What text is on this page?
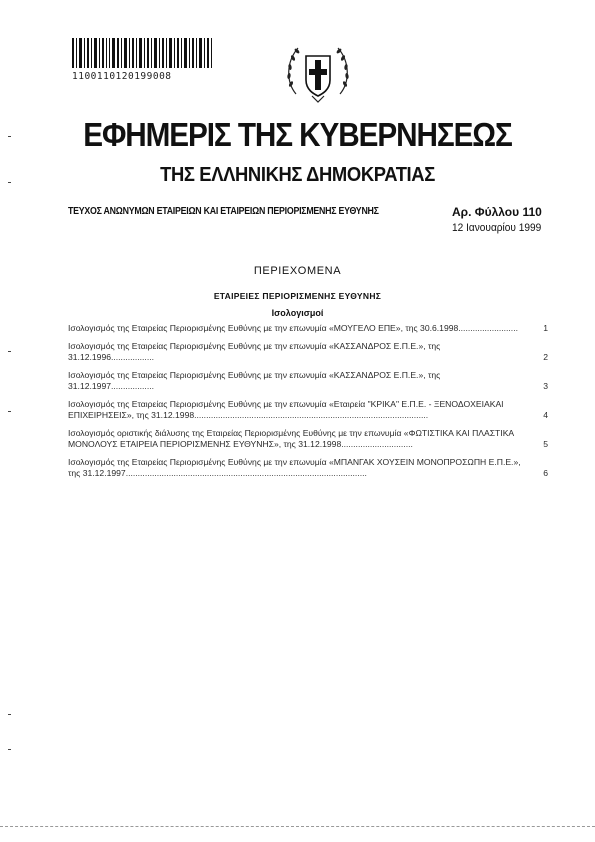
1100110120199008
ΕΦΗΜΕΡΙΣ ΤΗΣ ΚΥΒΕΡΝΗΣΕΩΣ
ΤΗΣ ΕΛΛΗΝΙΚΗΣ ΔΗΜΟΚΡΑΤΙΑΣ
ΤΕΥΧΟΣ ΑΝΩΝΥΜΩΝ ΕΤΑΙΡΕΙΩΝ ΚΑΙ ΕΤΑΙΡΕΙΩΝ ΠΕΡΙΟΡΙΣΜΕΝΗΣ ΕΥΘΥΝΗΣ	Αρ. Φύλλου 110
12 Ιανουαρίου 1999
ΠΕΡΙΕΧΟΜΕΝΑ
ΕΤΑΙΡΕΙΕΣ ΠΕΡΙΟΡΙΣΜΕΝΗΣ ΕΥΘΥΝΗΣ
Ισολογισμοί
Ισολογισμός της Εταιρείας Περιορισμένης Ευθύνης με την επωνυμία «ΜΟΥΓΕΛΟ ΕΠΕ», της 30.6.1998.........................	1
Ισολογισμός της Εταιρείας Περιορισμένης Ευθύνης με την επωνυμία «ΚΑΣΣΑΝΔΡΟΣ Ε.Π.Ε.», της 31.12.1996..................	2
Ισολογισμός της Εταιρείας Περιορισμένης Ευθύνης με την επωνυμία «ΚΑΣΣΑΝΔΡΟΣ Ε.Π.Ε.», της 31.12.1997..................	3
Ισολογισμός της Εταιρείας Περιορισμένης Ευθύνης με την επωνυμία «Εταιρεία "ΚΡΙΚΑ" Ε.Π.Ε. - ΞΕΝΟΔΟΧΕΙΑΚΑΙ ΕΠΙΧΕΙΡΗΣΕΙΣ», της 31.12.1998..................................................................................................	4
Ισολογισμός οριστικής διάλυσης της Εταιρείας Περιορισμένης Ευθύνης με την επωνυμία «ΦΩΤΙΣΤΙΚΑ ΚΑΙ ΠΛΑΣΤΙΚΑ ΜΟΝΟΛΟΥΣ ΕΤΑΙΡΕΙΑ ΠΕΡΙΟΡΙΣΜΕΝΗΣ ΕΥΘΥΝΗΣ», της 31.12.1998..............................	5
Ισολογισμός της Εταιρείας Περιορισμένης Ευθύνης με την επωνυμία «ΜΠΑΝΓΑΚ ΧΟΥΣΕΙΝ ΜΟΝΟΠΡΟΣΩΠΗ Ε.Π.Ε.», της 31.12.1997.....................................................................................................	6
